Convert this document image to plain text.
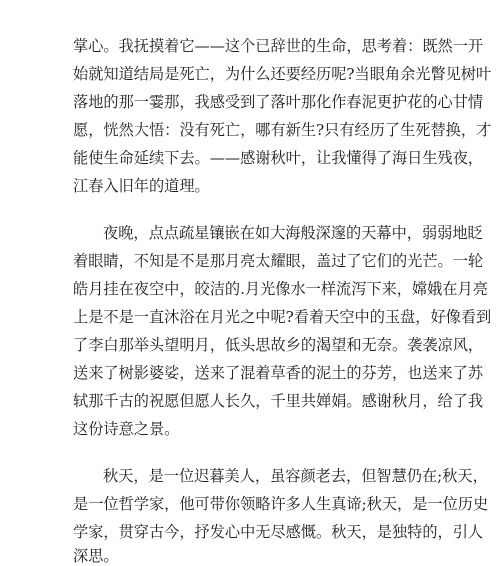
掌心。我抚摸着它——这个已辞世的生命，思考着：既然一开
始就知道结局是死亡，为什么还要经历呢?当眼角余光瞥见树叶
落地的那一霎那，我感受到了落叶那化作春泥更护花的心甘情
愿，恍然大悟：没有死亡，哪有新生?只有经历了生死替换，才
能使生命延续下去。——感谢秋叶，让我懂得了海日生残夜，
江春入旧年的道理。
夜晚，点点疏星镶嵌在如大海般深邃的天幕中，弱弱地眨
着眼睛，不知是不是那月亮太耀眼，盖过了它们的光芒。一轮
皓月挂在夜空中，皎洁的.月光像水一样流泻下来，嫦娥在月亮
上是不是一直沐浴在月光之中呢?看着天空中的玉盘，好像看到
了李白那举头望明月，低头思故乡的渴望和无奈。袭袭凉风，
送来了树影婆娑，送来了混着草香的泥土的芬芳，也送来了苏
轼那千古的祝愿但愿人长久，千里共婵娟。感谢秋月，给了我
这份诗意之景。
秋天，是一位迟暮美人，虽容颜老去，但智慧仍在;秋天，
是一位哲学家，他可带你领略许多人生真谛;秋天，是一位历史
学家，贯穿古今，抒发心中无尽感慨。秋天，是独特的，引人
深思。
